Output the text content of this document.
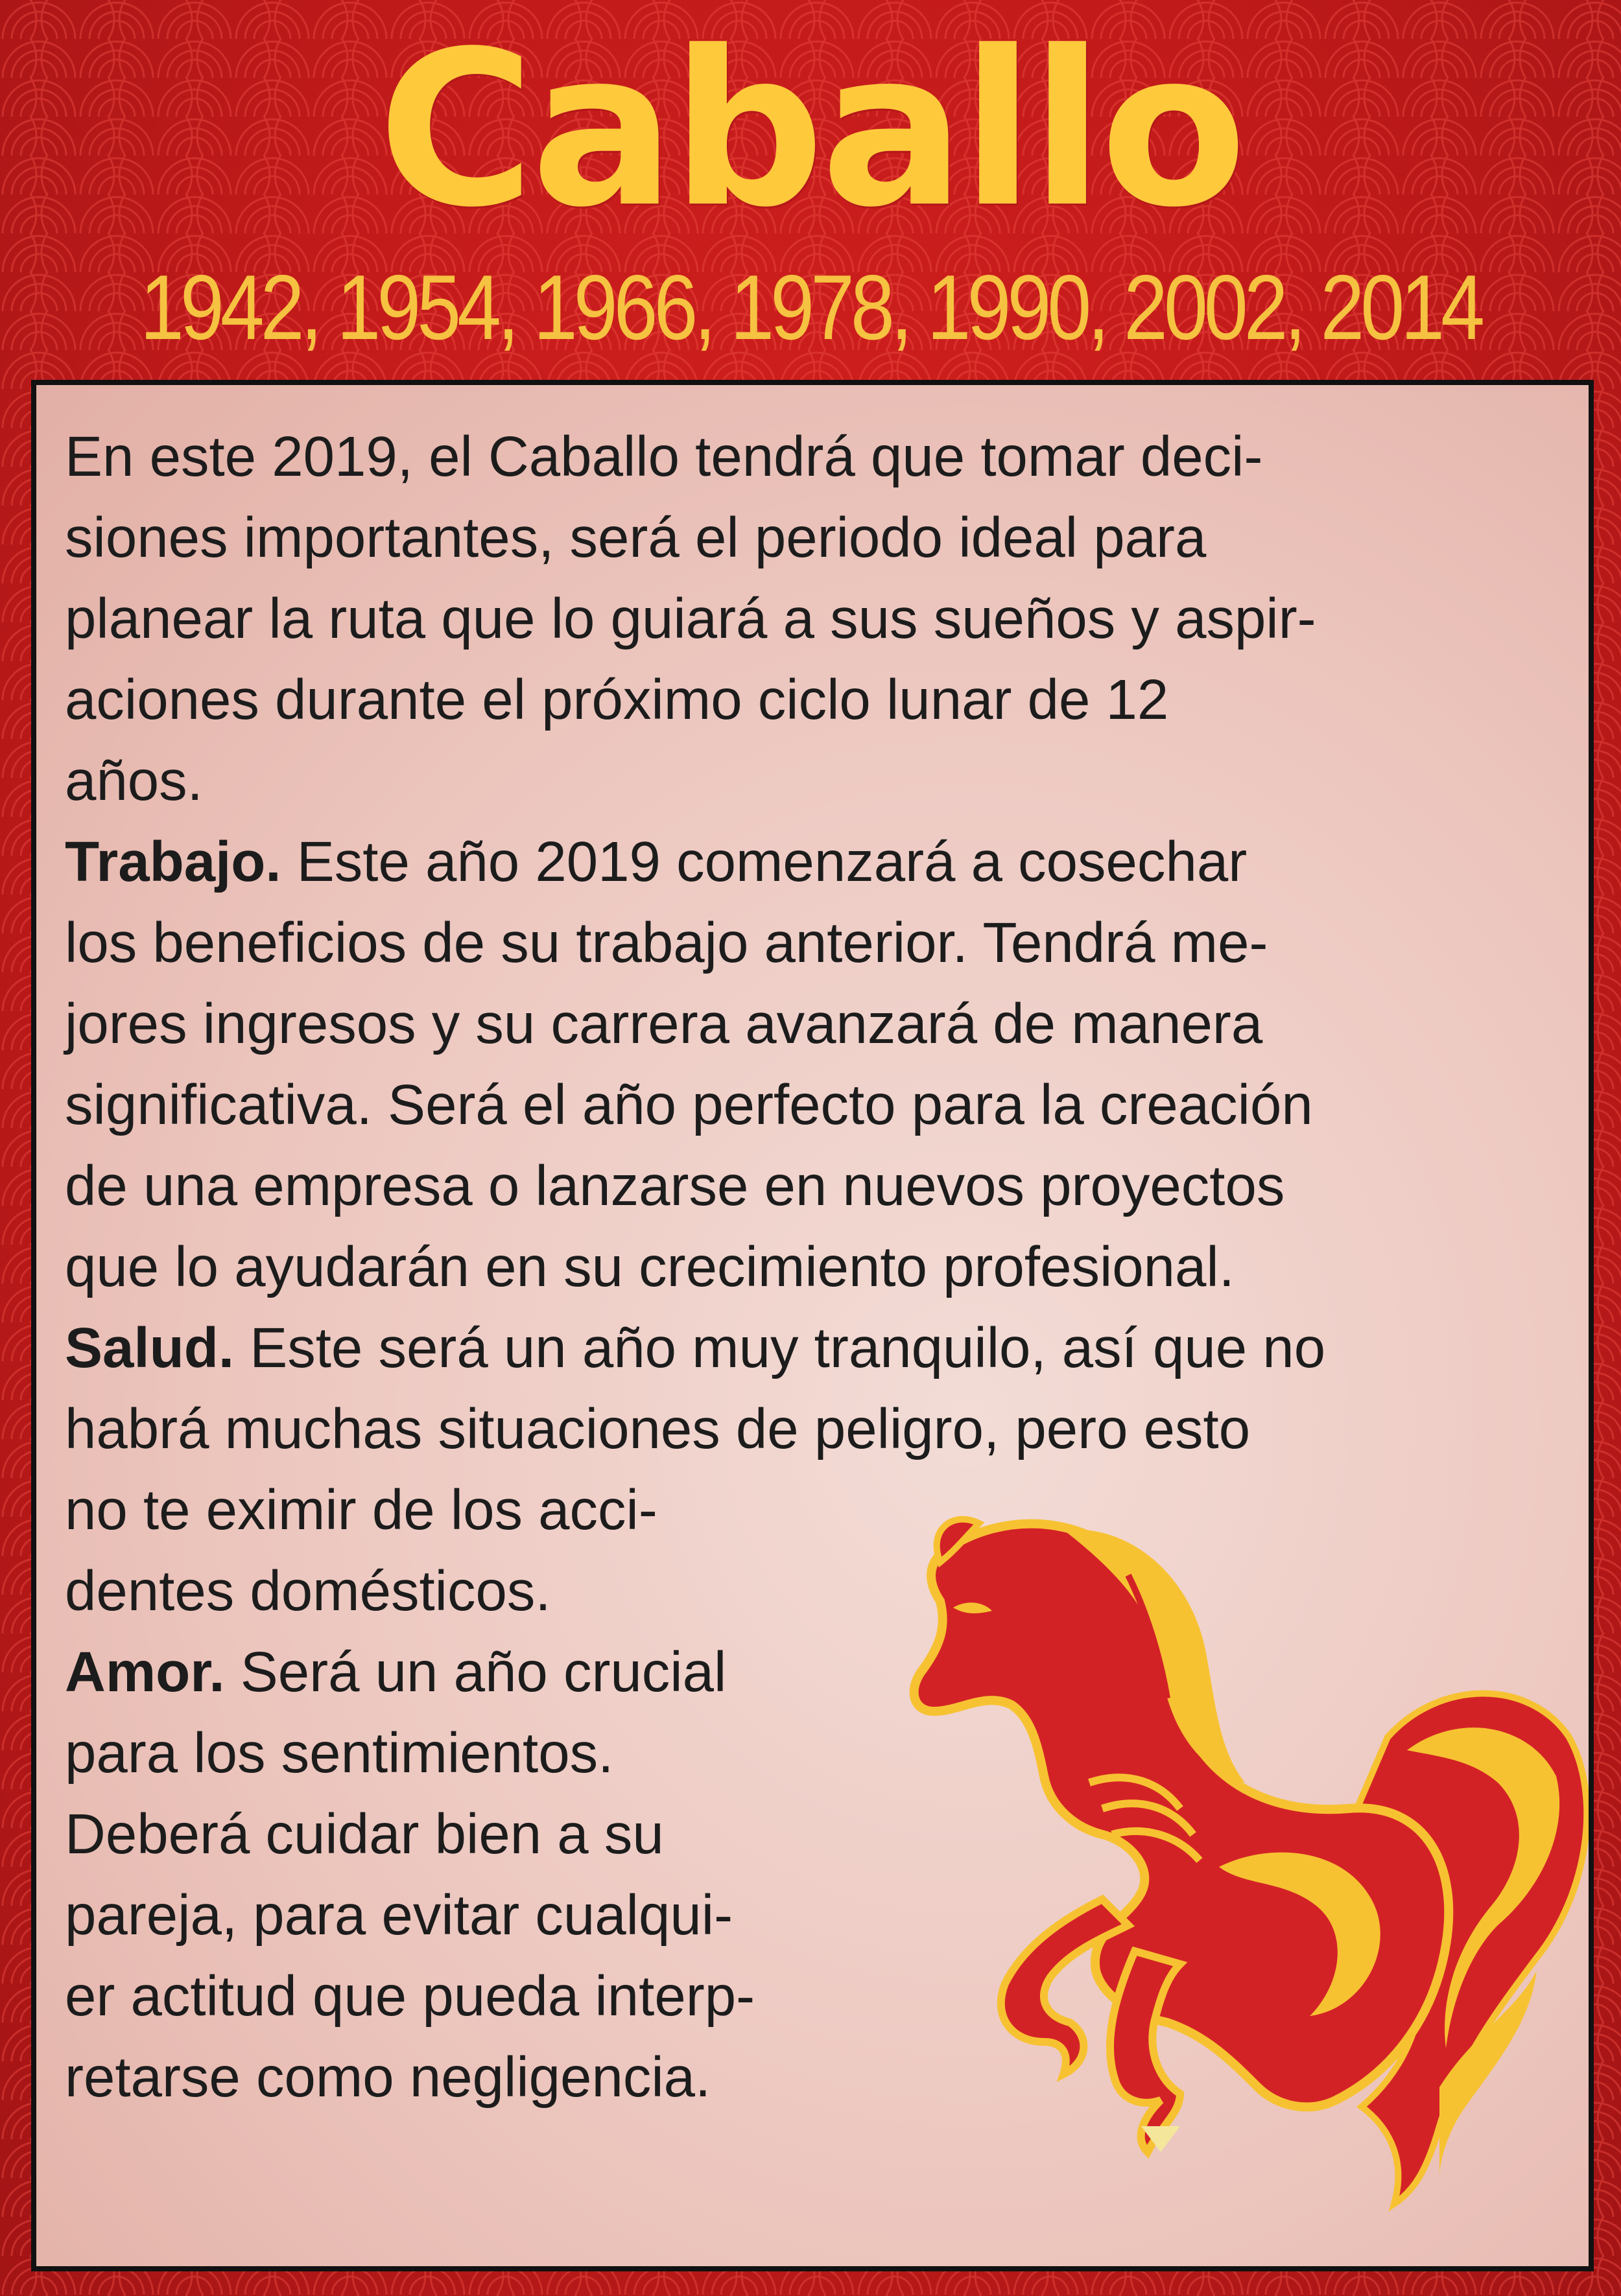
Caballo
1942, 1954, 1966, 1978, 1990, 2002, 2014
En este 2019, el Caballo tendrá que tomar deci-
siones importantes, será el periodo ideal para
planear la ruta que lo guiará a sus sueños y aspir-
aciones durante el próximo ciclo lunar de 12
años.
Trabajo. Este año 2019 comenzará a cosechar
los beneficios de su trabajo anterior. Tendrá me-
jores ingresos y su carrera avanzará de manera
significativa. Será el año perfecto para la creación
de una empresa o lanzarse en nuevos proyectos
que lo ayudarán en su crecimiento profesional.
Salud. Este será un año muy tranquilo, así que no
habrá muchas situaciones de peligro, pero esto
no te eximir de los acci-
dentes domésticos.
Amor. Será un año crucial
para los sentimientos.
Deberá cuidar bien a su
pareja, para evitar cualqui-
er actitud que pueda interp-
retarse como negligencia.
